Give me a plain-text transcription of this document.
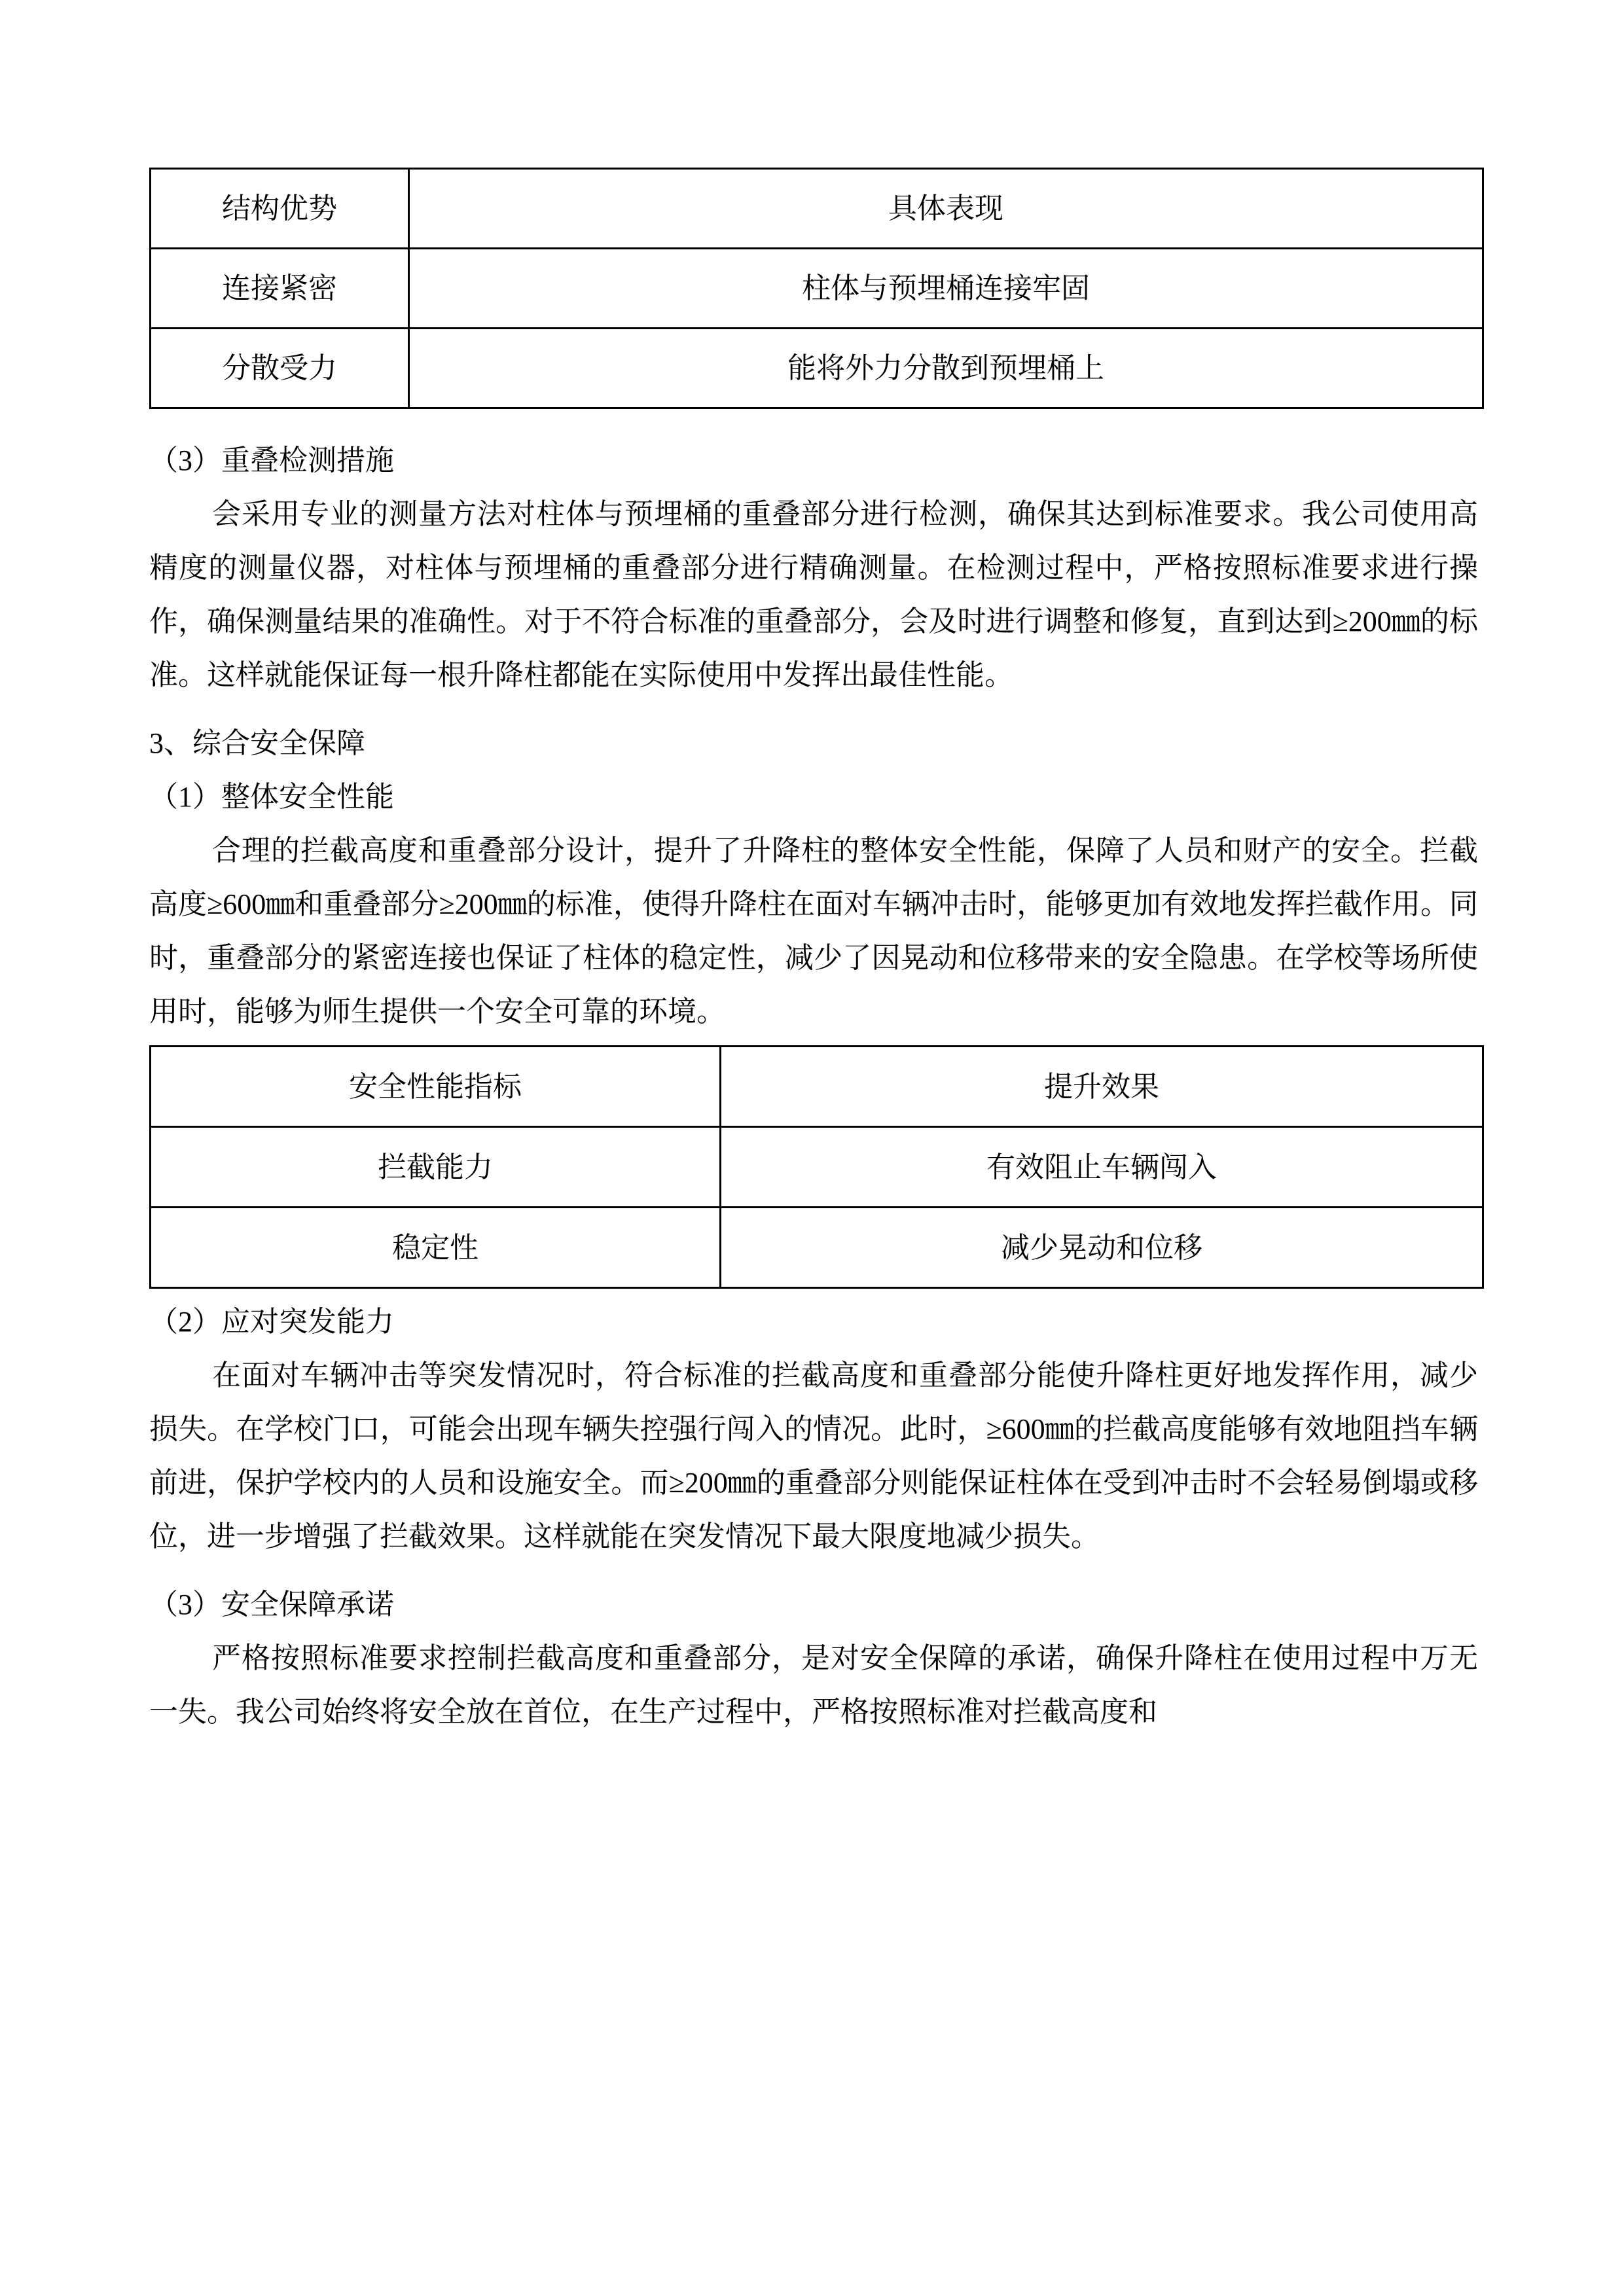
结构优势	具体表现
连接紧密	柱体与预埋桶连接牢固
分散受力	能将外力分散到预埋桶上

（3）重叠检测措施

会采用专业的测量方法对柱体与预埋桶的重叠部分进行检测，确保其达到标准要求。我公司使用高精度的测量仪器，对柱体与预埋桶的重叠部分进行精确测量。在检测过程中，严格按照标准要求进行操作，确保测量结果的准确性。对于不符合标准的重叠部分，会及时进行调整和修复，直到达到≥200㎜的标准。这样就能保证每一根升降柱都能在实际使用中发挥出最佳性能。

3、综合安全保障

（1）整体安全性能

合理的拦截高度和重叠部分设计，提升了升降柱的整体安全性能，保障了人员和财产的安全。拦截高度≥600㎜和重叠部分≥200㎜的标准，使得升降柱在面对车辆冲击时，能够更加有效地发挥拦截作用。同时，重叠部分的紧密连接也保证了柱体的稳定性，减少了因晃动和位移带来的安全隐患。在学校等场所使用时，能够为师生提供一个安全可靠的环境。

安全性能指标	提升效果
拦截能力	有效阻止车辆闯入
稳定性	减少晃动和位移

（2）应对突发能力

在面对车辆冲击等突发情况时，符合标准的拦截高度和重叠部分能使升降柱更好地发挥作用，减少损失。在学校门口，可能会出现车辆失控强行闯入的情况。此时，≥600㎜的拦截高度能够有效地阻挡车辆前进，保护学校内的人员和设施安全。而≥200㎜的重叠部分则能保证柱体在受到冲击时不会轻易倒塌或移位，进一步增强了拦截效果。这样就能在突发情况下最大限度地减少损失。

（3）安全保障承诺

严格按照标准要求控制拦截高度和重叠部分，是对安全保障的承诺，确保升降柱在使用过程中万无一失。我公司始终将安全放在首位，在生产过程中，严格按照标准对拦截高度和
